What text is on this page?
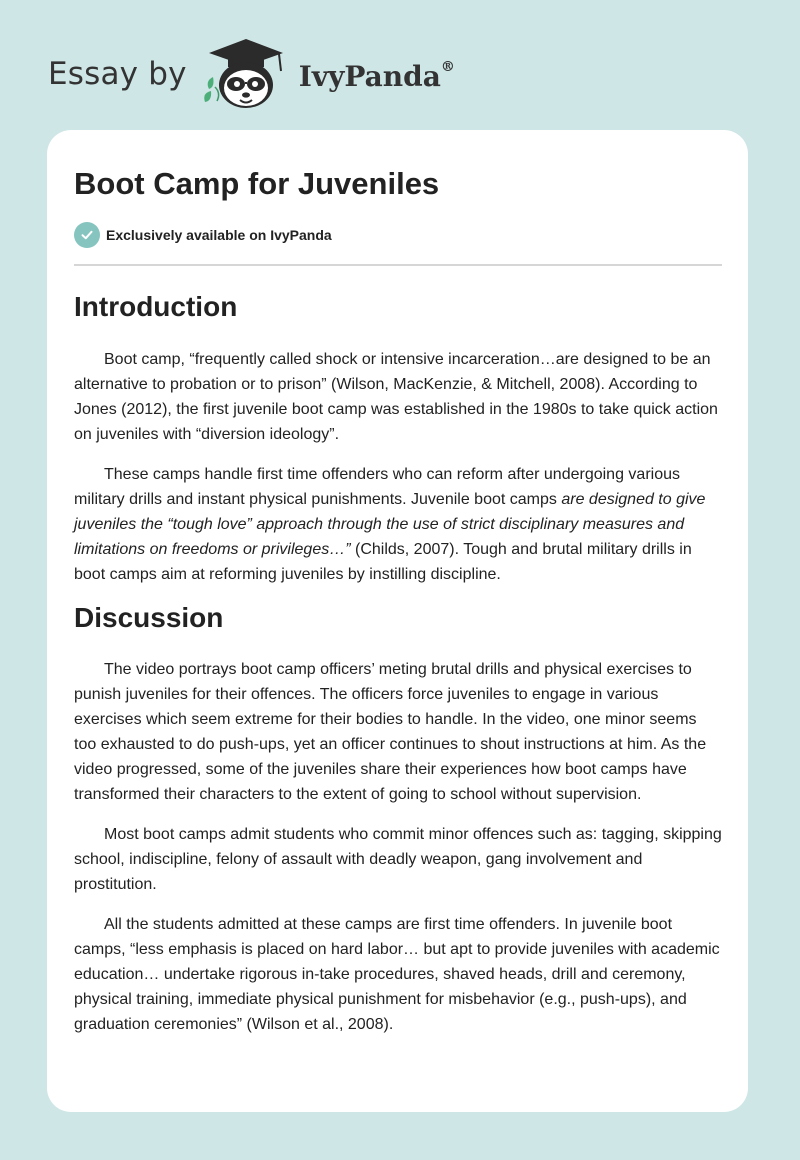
Essay by	IvyPanda®
Boot Camp for Juveniles
Exclusively available on IvyPanda
Introduction

Boot camp, “frequently called shock or intensive incarceration…are designed to be an alternative to probation or to prison” (Wilson, MacKenzie, & Mitchell, 2008). According to Jones (2012), the first juvenile boot camp was established in the 1980s to take quick action on juveniles with “diversion ideology”.

These camps handle first time offenders who can reform after undergoing various military drills and instant physical punishments. Juvenile boot camps are designed to give juveniles the “tough love” approach through the use of strict disciplinary measures and limitations on freedoms or privileges…” (Childs, 2007). Tough and brutal military drills in boot camps aim at reforming juveniles by instilling discipline.

Discussion

The video portrays boot camp officers’ meting brutal drills and physical exercises to punish juveniles for their offences. The officers force juveniles to engage in various exercises which seem extreme for their bodies to handle. In the video, one minor seems too exhausted to do push-ups, yet an officer continues to shout instructions at him. As the video progressed, some of the juveniles share their experiences how boot camps have transformed their characters to the extent of going to school without supervision.

Most boot camps admit students who commit minor offences such as: tagging, skipping school, indiscipline, felony of assault with deadly weapon, gang involvement and prostitution.

All the students admitted at these camps are first time offenders. In juvenile boot camps, “less emphasis is placed on hard labor… but apt to provide juveniles with academic education… undertake rigorous in-take procedures, shaved heads, drill and ceremony, physical training, immediate physical punishment for misbehavior (e.g., push-ups), and graduation ceremonies” (Wilson et al., 2008).
